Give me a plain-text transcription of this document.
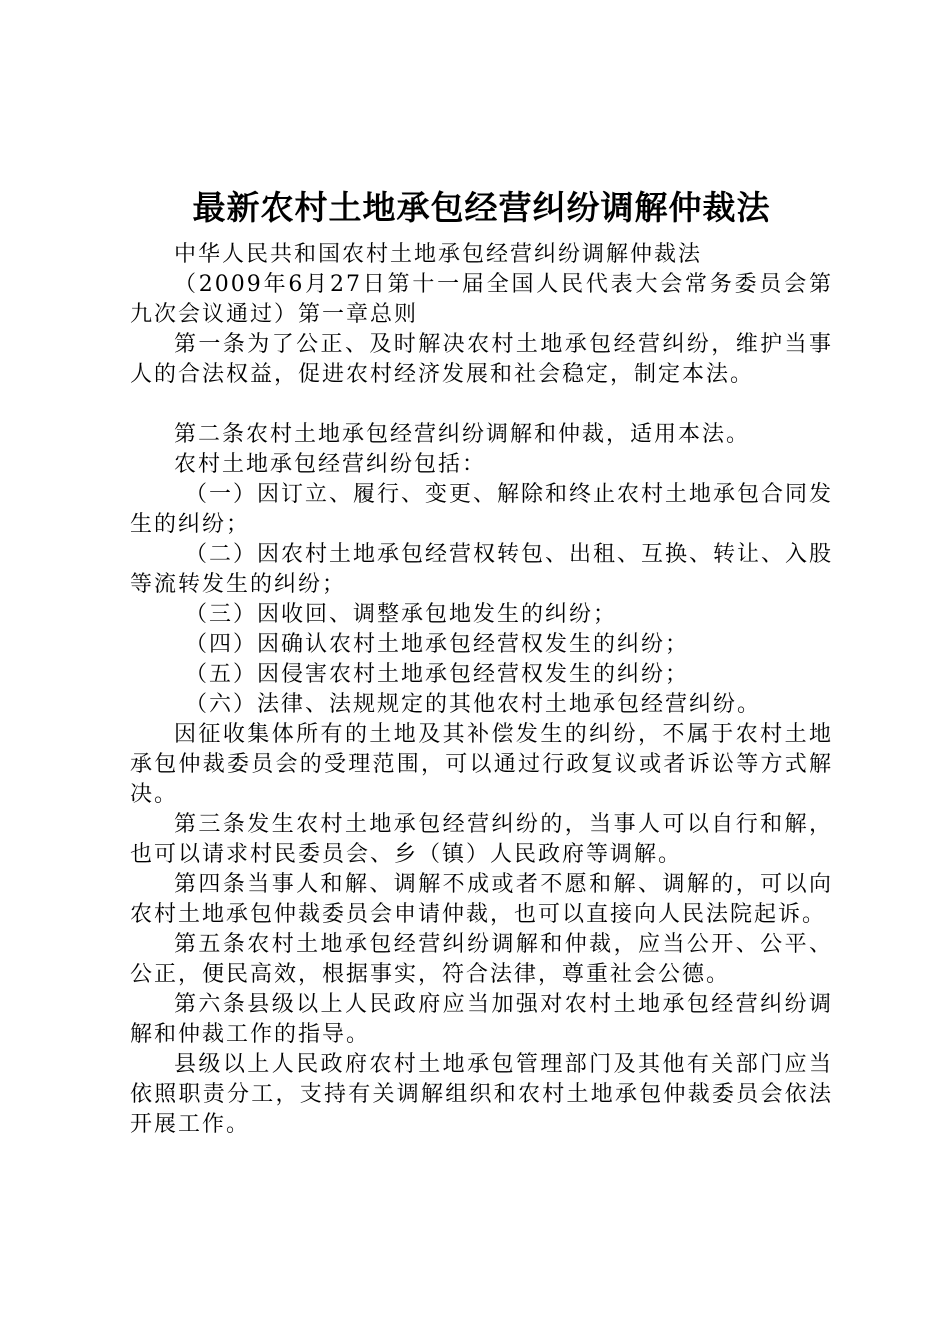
最新农村土地承包经营纠纷调解仲裁法

中华人民共和国农村土地承包经营纠纷调解仲裁法

（2009年6月27日第十一届全国人民代表大会常务委员会第九次会议通过）第一章总则

第一条为了公正、及时解决农村土地承包经营纠纷，维护当事人的合法权益，促进农村经济发展和社会稳定，制定本法。

第二条农村土地承包经营纠纷调解和仲裁，适用本法。

农村土地承包经营纠纷包括：

（一）因订立、履行、变更、解除和终止农村土地承包合同发生的纠纷；

（二）因农村土地承包经营权转包、出租、互换、转让、入股等流转发生的纠纷；

（三）因收回、调整承包地发生的纠纷；

（四）因确认农村土地承包经营权发生的纠纷；

（五）因侵害农村土地承包经营权发生的纠纷；

（六）法律、法规规定的其他农村土地承包经营纠纷。

因征收集体所有的土地及其补偿发生的纠纷，不属于农村土地承包仲裁委员会的受理范围，可以通过行政复议或者诉讼等方式解决。

第三条发生农村土地承包经营纠纷的，当事人可以自行和解，也可以请求村民委员会、乡（镇）人民政府等调解。

第四条当事人和解、调解不成或者不愿和解、调解的，可以向农村土地承包仲裁委员会申请仲裁，也可以直接向人民法院起诉。

第五条农村土地承包经营纠纷调解和仲裁，应当公开、公平、公正，便民高效，根据事实，符合法律，尊重社会公德。

第六条县级以上人民政府应当加强对农村土地承包经营纠纷调解和仲裁工作的指导。

县级以上人民政府农村土地承包管理部门及其他有关部门应当依照职责分工，支持有关调解组织和农村土地承包仲裁委员会依法开展工作。
